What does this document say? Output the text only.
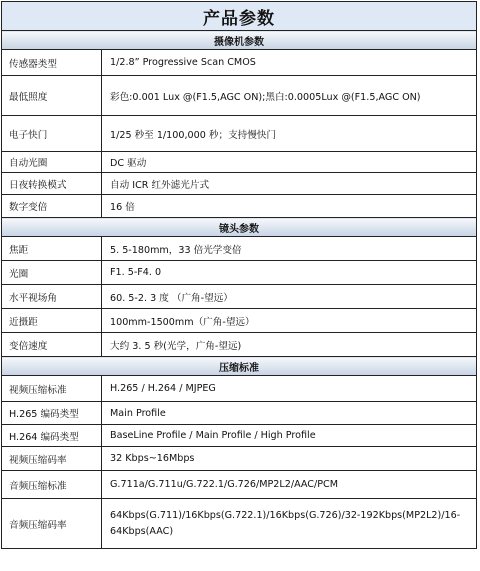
产品参数	
摄像机参数	
传感器类型	1/2.8” Progressive Scan CMOS
最低照度	彩色:0.001 Lux @(F1.5,AGC ON);黑白:0.0005Lux @(F1.5,AGC ON)
电子快门	1/25 秒至 1/100,000 秒；支持慢快门
自动光圈	DC 驱动
日夜转换模式	自动 ICR 红外滤光片式
数字变倍	16 倍
镜头参数	
焦距	5. 5-180mm，33 倍光学变倍
光圈	F1. 5-F4. 0
水平视场角	60. 5-2. 3 度 （广角-望远）
近摄距	100mm-1500mm（广角-望远）
变倍速度	大约 3. 5 秒(光学，广角-望远)
压缩标准	
视频压缩标准	H.265 / H.264 / MJPEG
H.265 编码类型	Main Profile
H.264 编码类型	BaseLine Profile / Main Profile / High Profile
视频压缩码率	32 Kbps~16Mbps
音频压缩标准	G.711a/G.711u/G.722.1/G.726/MP2L2/AAC/PCM
音频压缩码率	64Kbps(G.711)/16Kbps(G.722.1)/16Kbps(G.726)/32-192Kbps(MP2L2)/16-64Kbps(AAC)
